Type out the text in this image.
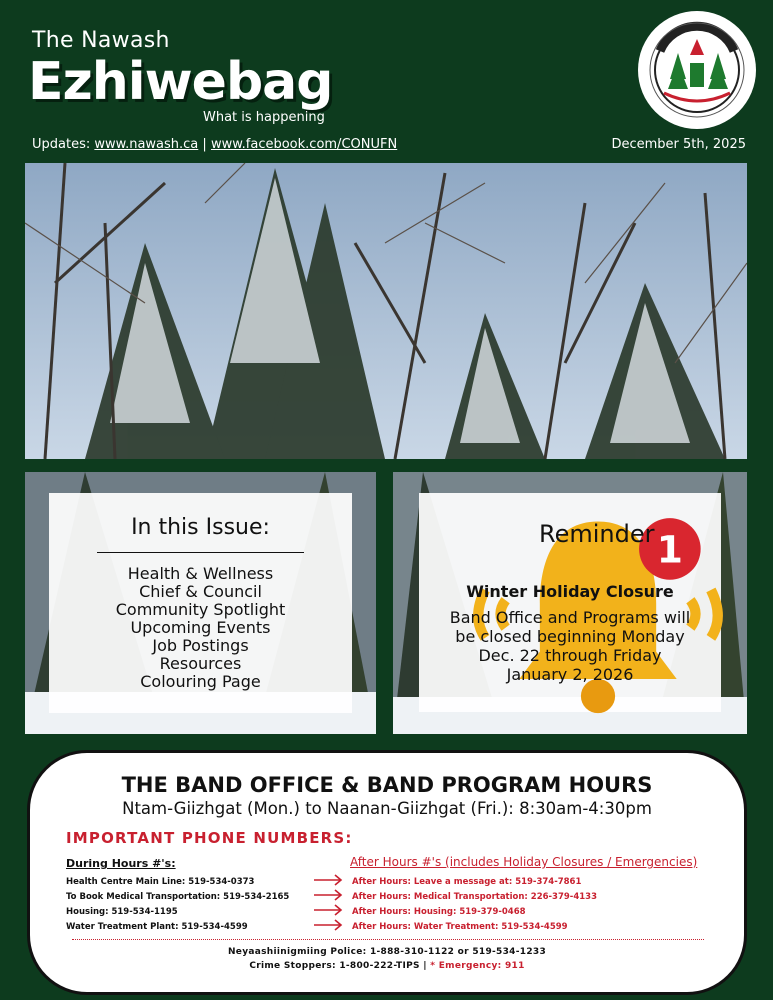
The Nawash
Ezhiwebag
What is happening
Updates: www.nawash.ca | www.facebook.com/CONUFN	December 5th, 2025
In this Issue:
Health & Wellness
Chief & Council
Community Spotlight
Upcoming Events
Job Postings
Resources
Colouring Page
1
Reminder
Winter Holiday Closure
Band Office and Programs will
be closed beginning Monday
Dec. 22 through Friday
January 2, 2026
THE BAND OFFICE & BAND PROGRAM HOURS
Ntam-Giizhgat (Mon.) to Naanan-Giizhgat (Fri.): 8:30am-4:30pm
IMPORTANT PHONE NUMBERS:
During Hours #'s:	After Hours #'s (includes Holiday Closures / Emergencies)
Health Centre Main Line: 519-534-0373	After Hours: Leave a message at: 519-374-7861
To Book Medical Transportation: 519-534-2165	After Hours: Medical Transportation: 226-379-4133
Housing: 519-534-1195	After Hours: Housing: 519-379-0468
Water Treatment Plant: 519-534-4599	After Hours: Water Treatment: 519-534-4599
Neyaashiinigmiing Police: 1-888-310-1122 or 519-534-1233
Crime Stoppers: 1-800-222-TIPS | * Emergency: 911
